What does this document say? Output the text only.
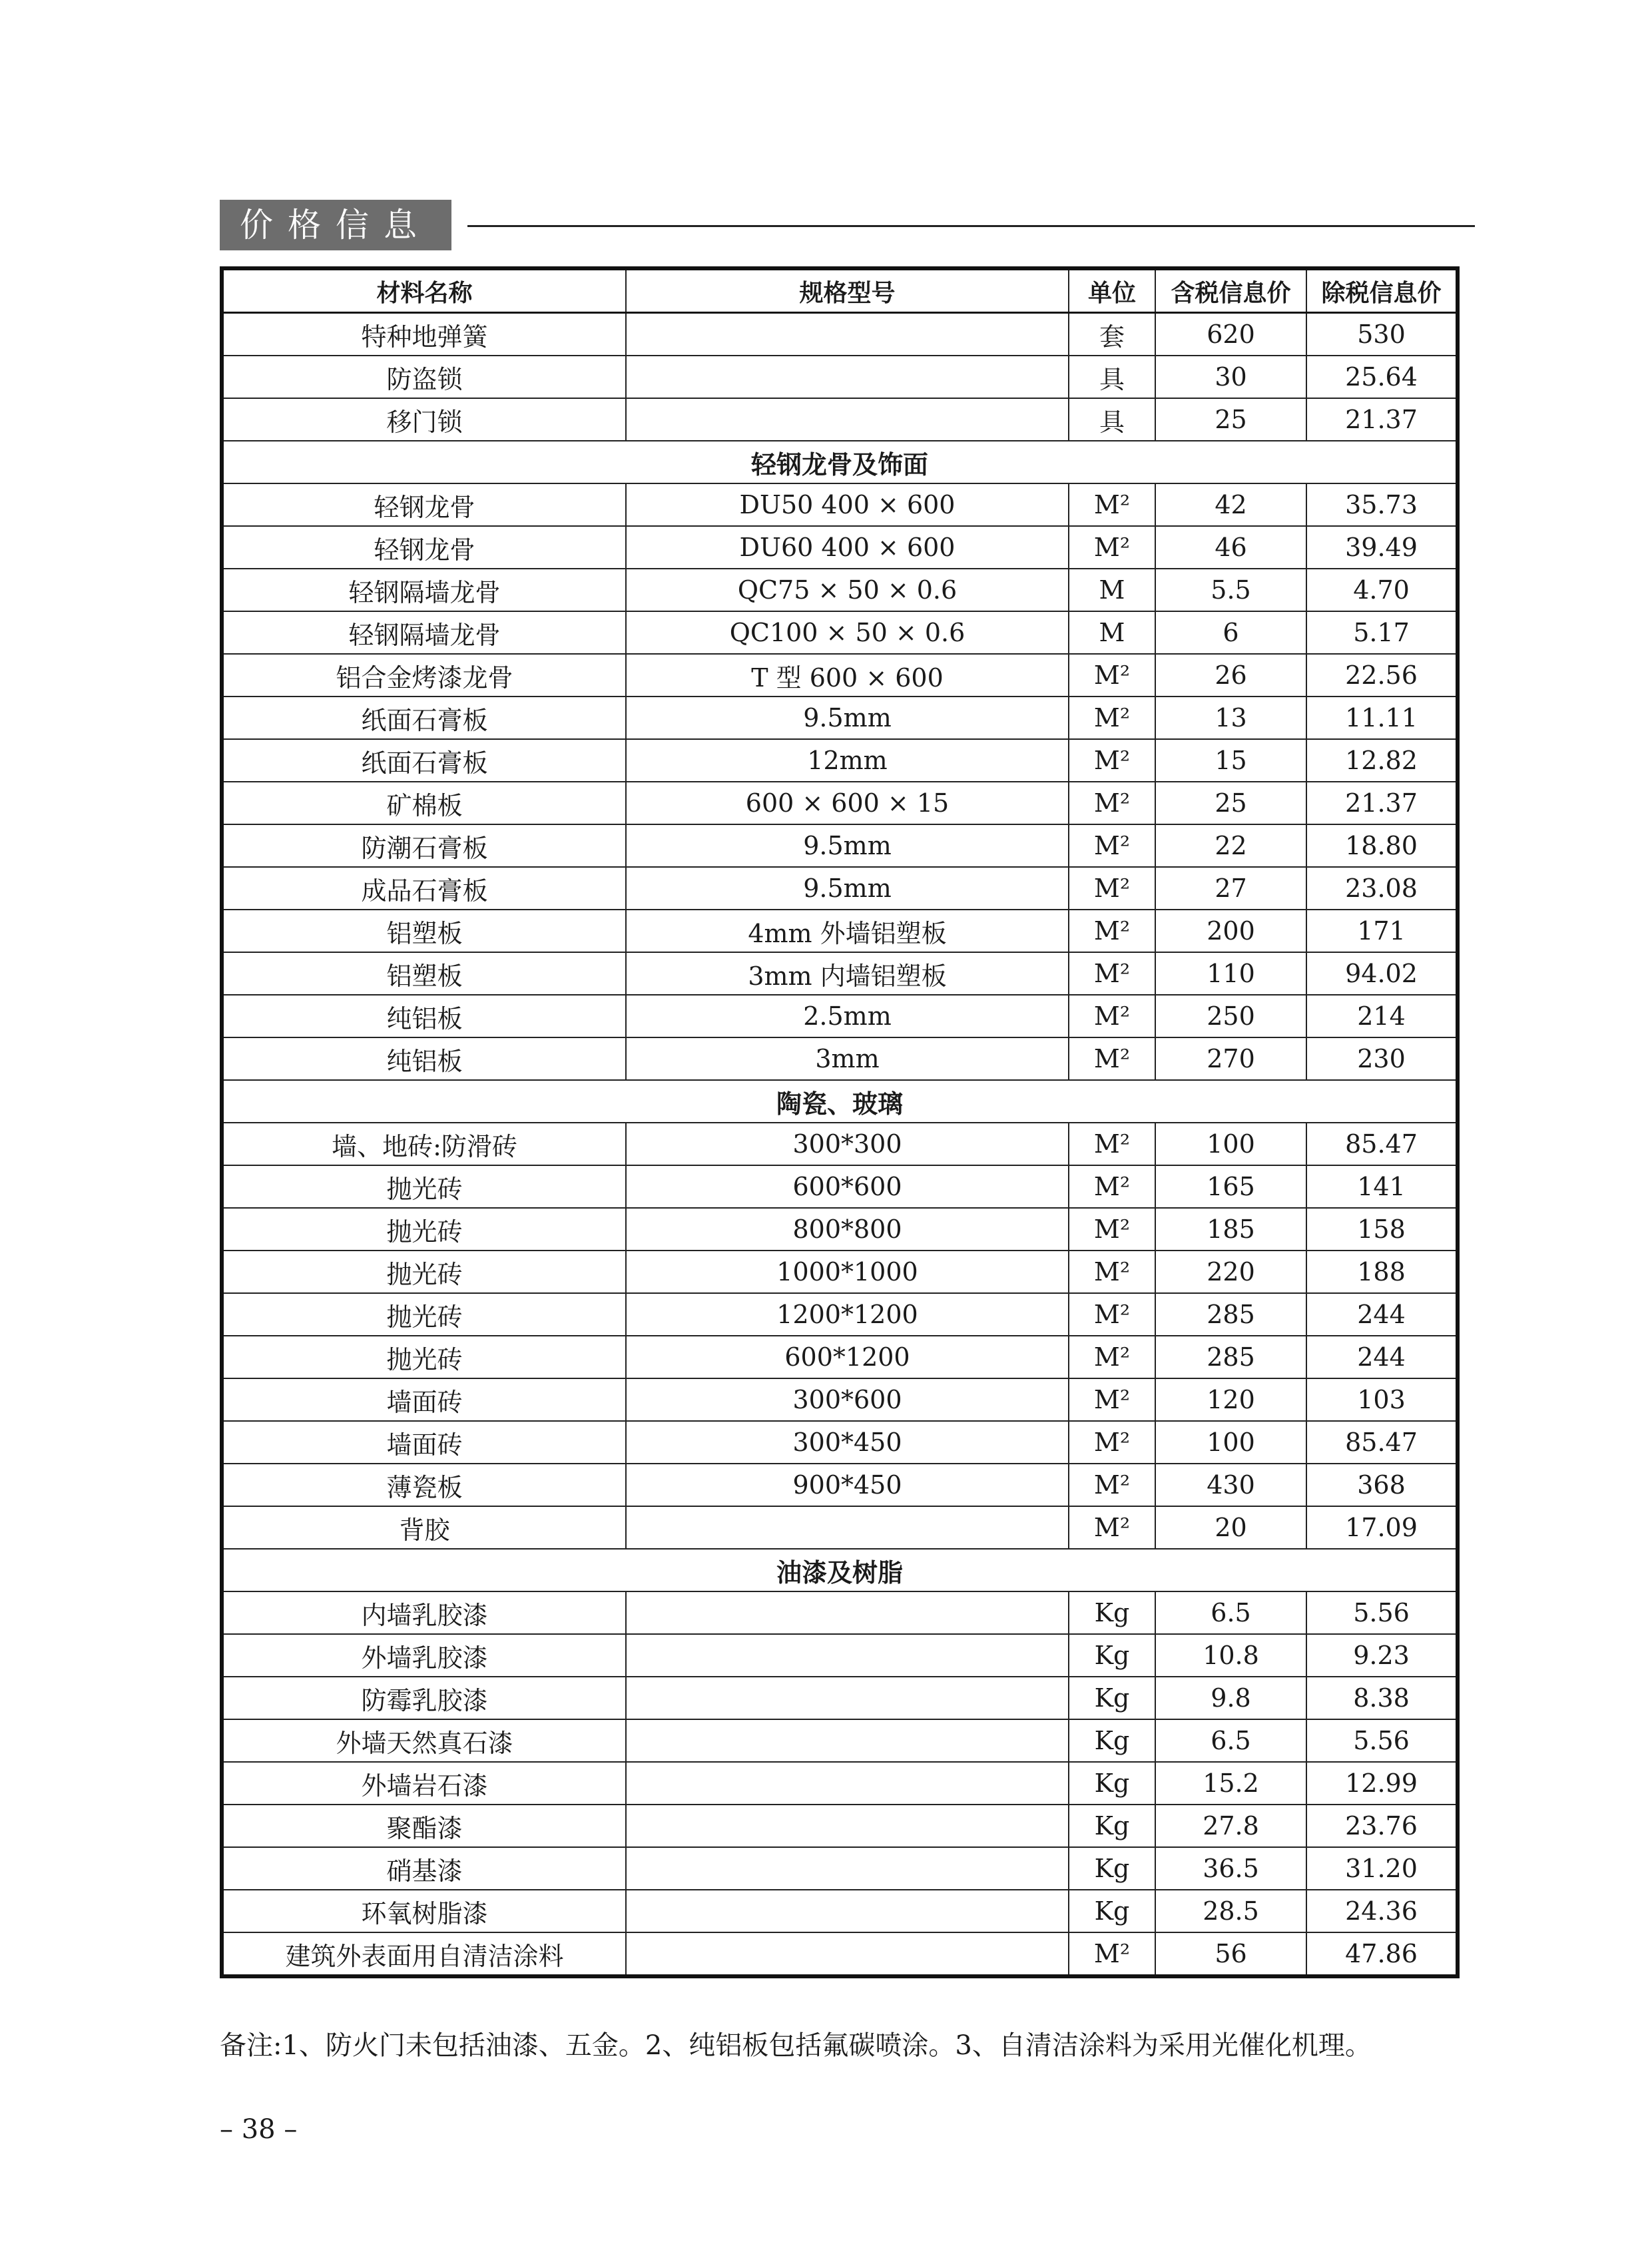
价格信息
材料名称	规格型号	单位	含税信息价	除税信息价
特种地弹簧		套	620	530
防盗锁		具	30	25.64
移门锁		具	25	21.37
轻钢龙骨及饰面				
轻钢龙骨	DU50 400 × 600	M²	42	35.73
轻钢龙骨	DU60 400 × 600	M²	46	39.49
轻钢隔墙龙骨	QC75 × 50 × 0.6	M	5.5	4.70
轻钢隔墙龙骨	QC100 × 50 × 0.6	M	6	5.17
铝合金烤漆龙骨	T 型 600 × 600	M²	26	22.56
纸面石膏板	9.5mm	M²	13	11.11
纸面石膏板	12mm	M²	15	12.82
矿棉板	600 × 600 × 15	M²	25	21.37
防潮石膏板	9.5mm	M²	22	18.80
成品石膏板	9.5mm	M²	27	23.08
铝塑板	4mm 外墙铝塑板	M²	200	171
铝塑板	3mm 内墙铝塑板	M²	110	94.02
纯铝板	2.5mm	M²	250	214
纯铝板	3mm	M²	270	230
陶瓷、玻璃				
墙、地砖:防滑砖	300*300	M²	100	85.47
抛光砖	600*600	M²	165	141
抛光砖	800*800	M²	185	158
抛光砖	1000*1000	M²	220	188
抛光砖	1200*1200	M²	285	244
抛光砖	600*1200	M²	285	244
墙面砖	300*600	M²	120	103
墙面砖	300*450	M²	100	85.47
薄瓷板	900*450	M²	430	368
背胶		M²	20	17.09
油漆及树脂				
内墙乳胶漆		Kg	6.5	5.56
外墙乳胶漆		Kg	10.8	9.23
防霉乳胶漆		Kg	9.8	8.38
外墙天然真石漆		Kg	6.5	5.56
外墙岩石漆		Kg	15.2	12.99
聚酯漆		Kg	27.8	23.76
硝基漆		Kg	36.5	31.20
环氧树脂漆		Kg	28.5	24.36
建筑外表面用自清洁涂料		M²	56	47.86
备注:1、防火门未包括油漆、五金。2、纯铝板包括氟碳喷涂。3、自清洁涂料为采用光催化机理。
– 38 –
